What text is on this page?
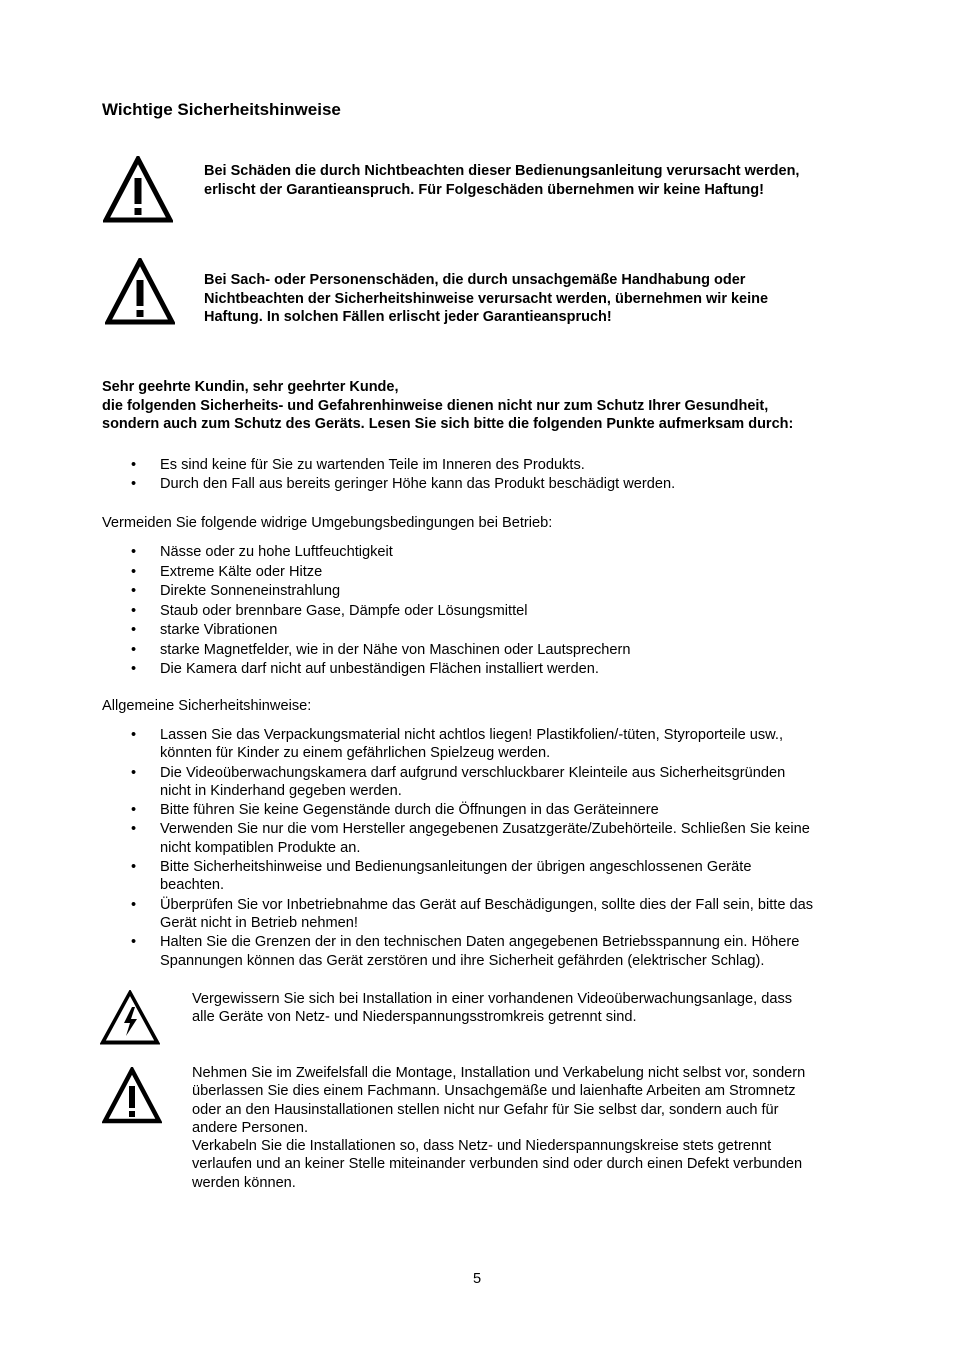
Wichtige Sicherheitshinweise
Bei Schäden die durch Nichtbeachten dieser Bedienungsanleitung verursacht werden,
erlischt der Garantieanspruch. Für Folgeschäden übernehmen wir keine Haftung!
Bei Sach- oder Personenschäden, die durch unsachgemäße Handhabung oder
Nichtbeachten der Sicherheitshinweise verursacht werden, übernehmen wir keine
Haftung. In solchen Fällen erlischt jeder Garantieanspruch!
Sehr geehrte Kundin, sehr geehrter Kunde,
die folgenden Sicherheits- und Gefahrenhinweise dienen nicht nur zum Schutz Ihrer Gesundheit,
sondern auch zum Schutz des Geräts. Lesen Sie sich bitte die folgenden Punkte aufmerksam durch:
• Es sind keine für Sie zu wartenden Teile im Inneren des Produkts.
• Durch den Fall aus bereits geringer Höhe kann das Produkt beschädigt werden.
Vermeiden Sie folgende widrige Umgebungsbedingungen bei Betrieb:
• Nässe oder zu hohe Luftfeuchtigkeit
• Extreme Kälte oder Hitze
• Direkte Sonneneinstrahlung
• Staub oder brennbare Gase, Dämpfe oder Lösungsmittel
• starke Vibrationen
• starke Magnetfelder, wie in der Nähe von Maschinen oder Lautsprechern
• Die Kamera darf nicht auf unbeständigen Flächen installiert werden.
Allgemeine Sicherheitshinweise:
• Lassen Sie das Verpackungsmaterial nicht achtlos liegen! Plastikfolien/-tüten, Styroporteile usw.,
könnten für Kinder zu einem gefährlichen Spielzeug werden.
• Die Videoüberwachungskamera darf aufgrund verschluckbarer Kleinteile aus Sicherheitsgründen
nicht in Kinderhand gegeben werden.
• Bitte führen Sie keine Gegenstände durch die Öffnungen in das Geräteinnere
• Verwenden Sie nur die vom Hersteller angegebenen Zusatzgeräte/Zubehörteile. Schließen Sie keine
nicht kompatiblen Produkte an.
• Bitte Sicherheitshinweise und Bedienungsanleitungen der übrigen angeschlossenen Geräte
beachten.
• Überprüfen Sie vor Inbetriebnahme das Gerät auf Beschädigungen, sollte dies der Fall sein, bitte das
Gerät nicht in Betrieb nehmen!
• Halten Sie die Grenzen der in den technischen Daten angegebenen Betriebsspannung ein. Höhere
Spannungen können das Gerät zerstören und ihre Sicherheit gefährden (elektrischer Schlag).
Vergewissern Sie sich bei Installation in einer vorhandenen Videoüberwachungsanlage, dass
alle Geräte von Netz- und Niederspannungsstromkreis getrennt sind.
Nehmen Sie im Zweifelsfall die Montage, Installation und Verkabelung nicht selbst vor, sondern
überlassen Sie dies einem Fachmann. Unsachgemäße und laienhafte Arbeiten am Stromnetz
oder an den Hausinstallationen stellen nicht nur Gefahr für Sie selbst dar, sondern auch für
andere Personen.
Verkabeln Sie die Installationen so, dass Netz- und Niederspannungskreise stets getrennt
verlaufen und an keiner Stelle miteinander verbunden sind oder durch einen Defekt verbunden
werden können.
5
